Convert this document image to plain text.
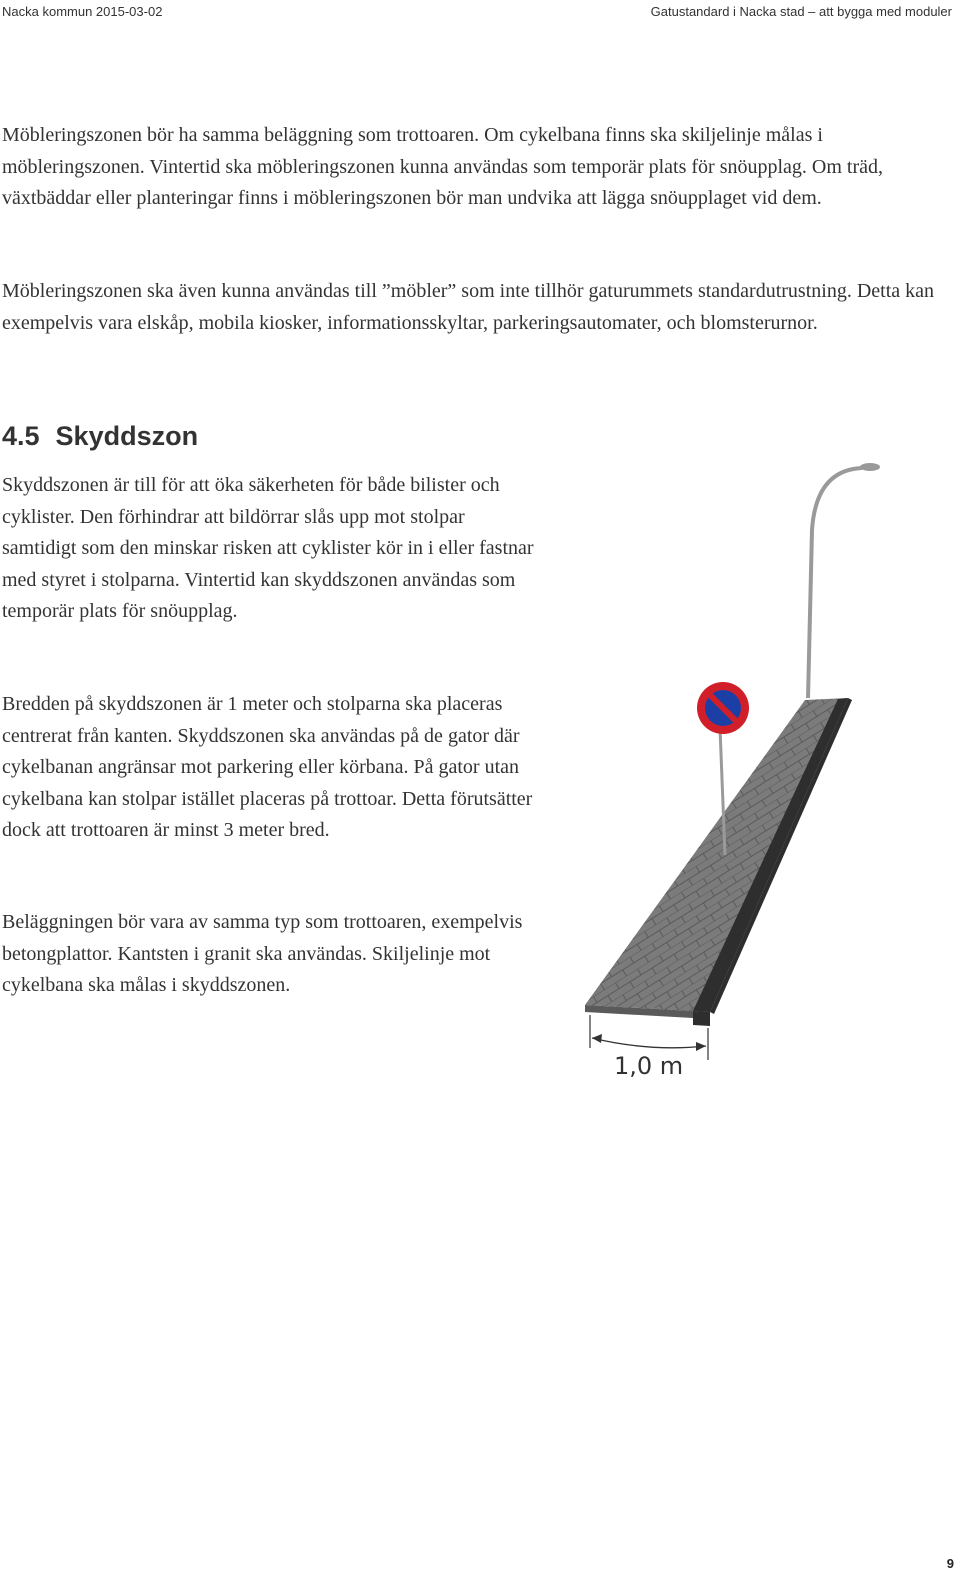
Nacka kommun 2015-03-02	Gatustandard i Nacka stad – att bygga med moduler

Möbleringszonen bör ha samma beläggning som trottoaren. Om cykelbana finns ska skiljelinje målas i möbleringszonen. Vintertid ska möbleringszonen kunna användas som temporär plats för snöupplag. Om träd, växtbäddar eller planteringar finns i möbleringszonen bör man undvika att lägga snöupplaget vid dem.

Möbleringszonen ska även kunna användas till ”möbler” som inte tillhör gaturummets standardutrustning. Detta kan exempelvis vara elskåp, mobila kiosker, informationsskyltar, parkeringsautomater, och blomsterurnor.

4.5 Skyddszon

Skyddszonen är till för att öka säkerheten för både bilister och cyklister. Den förhindrar att bildörrar slås upp mot stolpar samtidigt som den minskar risken att cyklister kör in i eller fastnar med styret i stolparna. Vintertid kan skyddszonen användas som temporär plats för snöupplag.

Bredden på skyddszonen är 1 meter och stolparna ska placeras centrerat från kanten. Skyddszonen ska användas på de gator där cykelbanan angränsar mot parkering eller körbana. På gator utan cykelbana kan stolpar istället placeras på trottoar. Detta förutsätter dock att trottoaren är minst 3 meter bred.

Beläggningen bör vara av samma typ som trottoaren, exempelvis betongplattor. Kantsten i granit ska användas. Skiljelinje mot cykelbana ska målas i skyddszonen.

1,0 m
9
